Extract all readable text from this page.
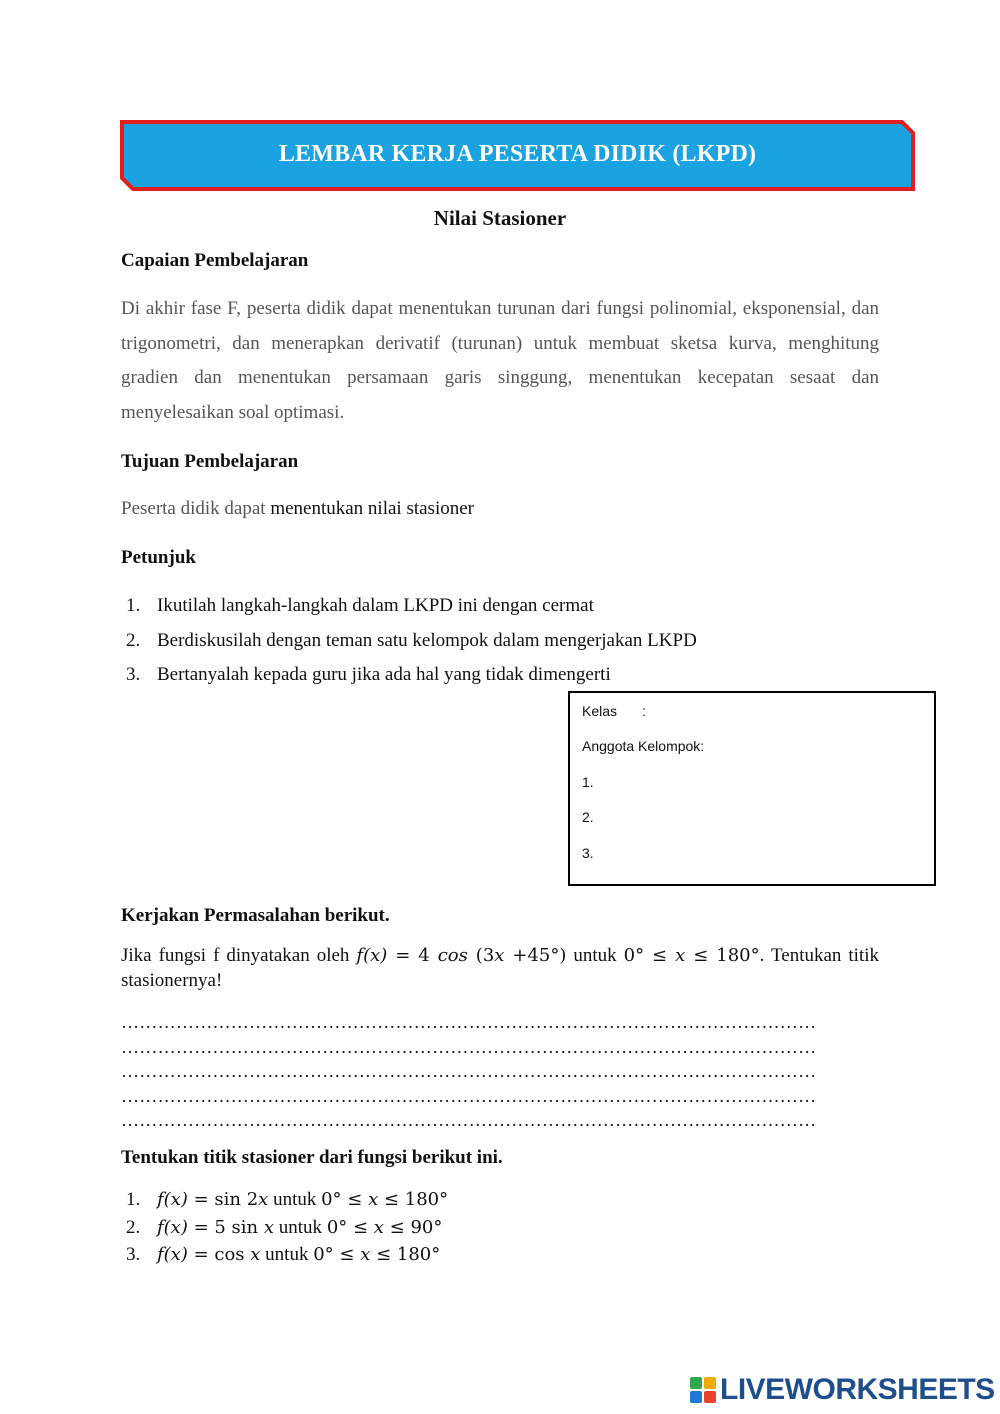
LEMBAR KERJA PESERTA DIDIK (LKPD)
Nilai Stasioner
Capaian Pembelajaran
Di akhir fase F, peserta didik dapat menentukan turunan dari fungsi polinomial, eksponensial, dan trigonometri, dan menerapkan derivatif (turunan) untuk membuat sketsa kurva, menghitung gradien dan menentukan persamaan garis singgung, menentukan kecepatan sesaat dan menyelesaikan soal optimasi.
Tujuan Pembelajaran
Peserta didik dapat menentukan nilai stasioner
Petunjuk
1. Ikutilah langkah-langkah dalam LKPD ini dengan cermat
2. Berdiskusilah dengan teman satu kelompok dalam mengerjakan LKPD
3. Bertanyalah kepada guru jika ada hal yang tidak dimengerti
Kelas :
Anggota Kelompok:
1.
2.
3.
Kerjakan Permasalahan berikut.
Jika fungsi f dinyatakan oleh f(x) = 4 cos (3x +45°) untuk 0° ≤ x ≤ 180°. Tentukan titik stasionernya!
……………………………………………………………………………………………………
……………………………………………………………………………………………………
……………………………………………………………………………………………………
……………………………………………………………………………………………………
……………………………………………………………………………………………………
Tentukan titik stasioner dari fungsi berikut ini.
1. f(x) = sin 2x untuk 0° ≤ x ≤ 180°
2. f(x) = 5 sin x untuk 0° ≤ x ≤ 90°
3. f(x) = cos x untuk 0° ≤ x ≤ 180°
LIVEWORKSHEETS
